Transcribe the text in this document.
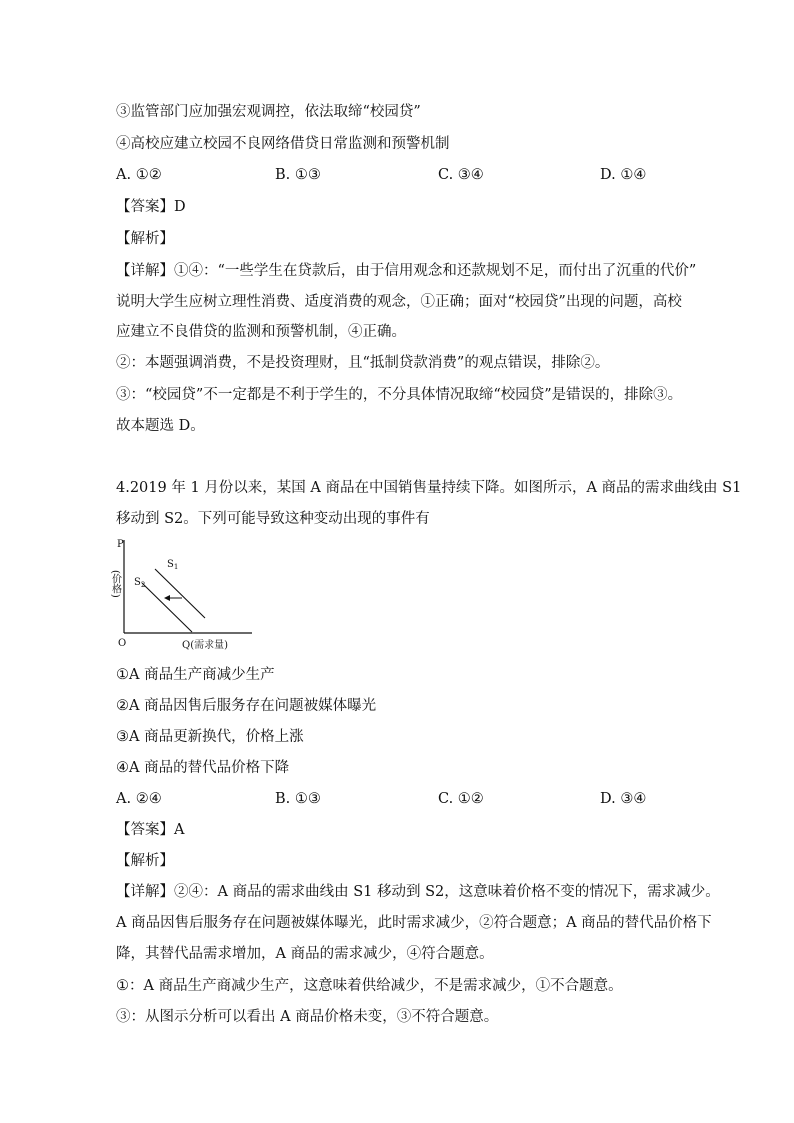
③监管部门应加强宏观调控，依法取缔“校园贷”
④高校应建立校园不良网络借贷日常监测和预警机制
A. ①②	B. ①③	C. ③④	D. ①④
【答案】D
【解析】
【详解】①④：“一些学生在贷款后，由于信用观念和还款规划不足，而付出了沉重的代价”
说明大学生应树立理性消费、适度消费的观念，①正确；面对“校园贷”出现的问题，高校
应建立不良借贷的监测和预警机制，④正确。
②：本题强调消费，不是投资理财，且“抵制贷款消费”的观点错误，排除②。
③：“校园贷”不一定都是不利于学生的，不分具体情况取缔“校园贷”是错误的，排除③。
故本题选 D。
4.2019 年 1 月份以来，某国 A 商品在中国销售量持续下降。如图所示，A 商品的需求曲线由 S1
移动到 S2。下列可能导致这种变动出现的事件有
P
(价格)
$S_1$
$S_2$
O	Q(需求量)
①A 商品生产商减少生产
②A 商品因售后服务存在问题被媒体曝光
③A 商品更新换代，价格上涨
④A 商品的替代品价格下降
A. ②④	B. ①③	C. ①②	D. ③④
【答案】A
【解析】
【详解】②④：A 商品的需求曲线由 S1 移动到 S2，这意味着价格不变的情况下，需求减少。
A 商品因售后服务存在问题被媒体曝光，此时需求减少，②符合题意；A 商品的替代品价格下
降，其替代品需求增加，A 商品的需求减少，④符合题意。
①：A 商品生产商减少生产，这意味着供给减少，不是需求减少，①不合题意。
③：从图示分析可以看出 A 商品价格未变，③不符合题意。
